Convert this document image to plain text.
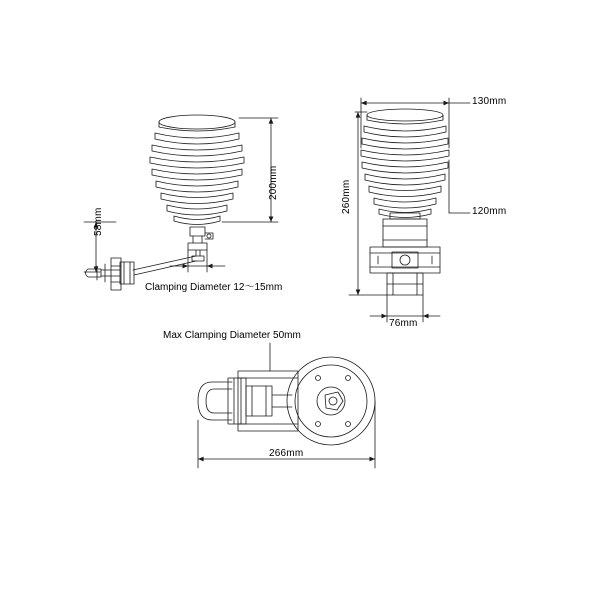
200mm
58mm
Clamping Diameter 12～15mm
130mm
260mm	120mm
76mm
Max Clamping Diameter 50mm
266mm
